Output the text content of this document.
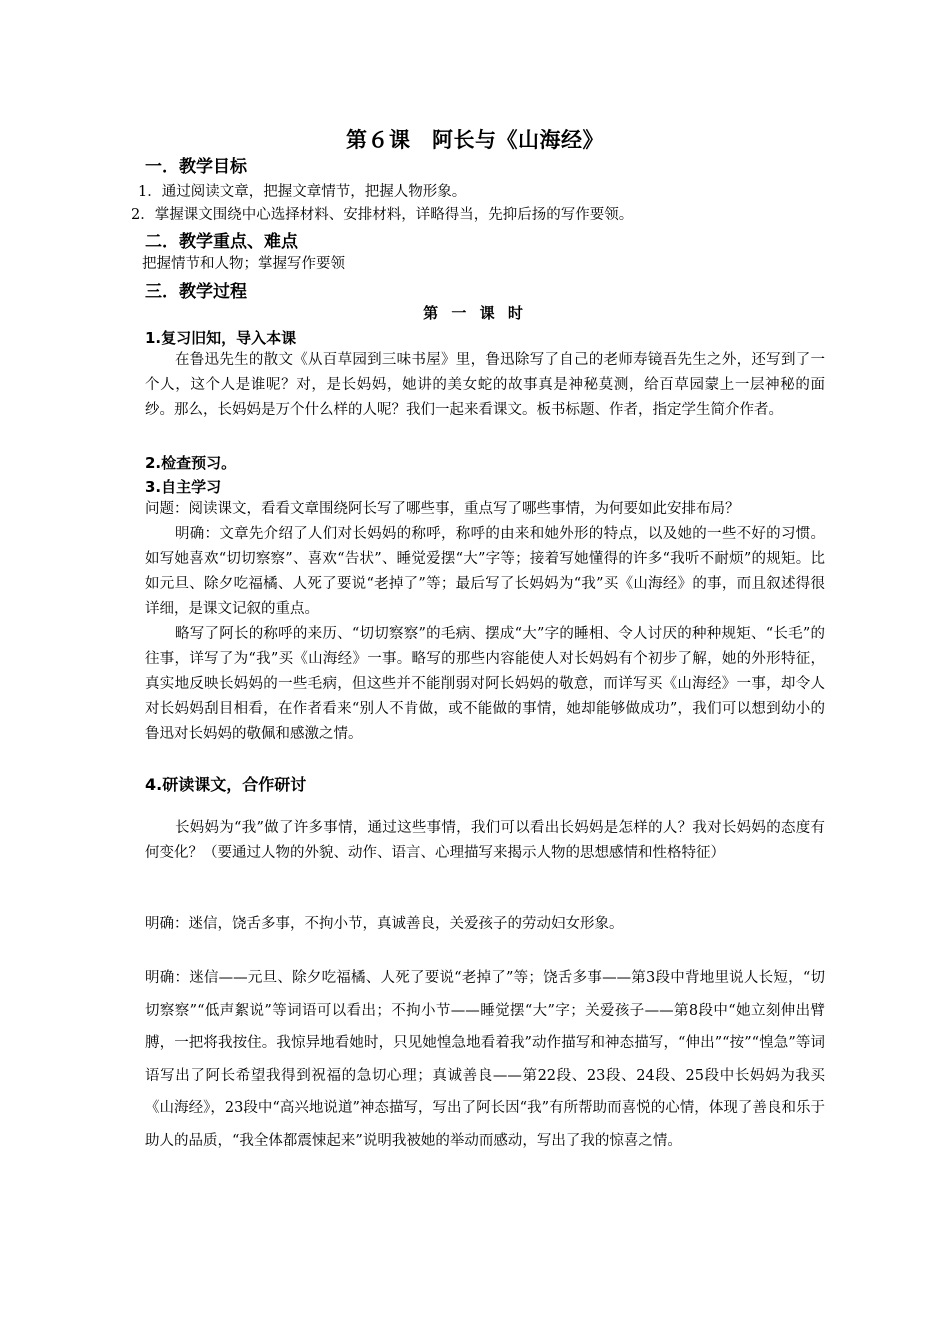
第６课　阿长与《山海经》
一．教学目标
1．通过阅读文章，把握文章情节，把握人物形象。
2．掌握课文围绕中心选择材料、安排材料，详略得当，先抑后扬的写作要领。
二．教学重点、难点
把握情节和人物；掌握写作要领
三．教学过程
第 一 课 时
1.复习旧知，导入本课
在鲁迅先生的散文《从百草园到三味书屋》里，鲁迅除写了自己的老师寿镜吾先生之外，还写到了一个人，这个人是谁呢？对，是长妈妈，她讲的美女蛇的故事真是神秘莫测，给百草园蒙上一层神秘的面纱。那么，长妈妈是万个什么样的人呢？我们一起来看课文。板书标题、作者，指定学生简介作者。
2.检查预习。
3.自主学习
问题：阅读课文，看看文章围绕阿长写了哪些事，重点写了哪些事情，为何要如此安排布局？
明确：文章先介绍了人们对长妈妈的称呼，称呼的由来和她外形的特点，以及她的一些不好的习惯。如写她喜欢“切切察察”、喜欢“告状”、睡觉爱摆“大”字等；接着写她懂得的许多“我听不耐烦”的规矩。比如元旦、除夕吃福橘、人死了要说“老掉了”等；最后写了长妈妈为“我”买《山海经》的事，而且叙述得很详细，是课文记叙的重点。
略写了阿长的称呼的来历、“切切察察”的毛病、摆成“大”字的睡相、令人讨厌的种种规矩、“长毛”的往事，详写了为“我”买《山海经》一事。略写的那些内容能使人对长妈妈有个初步了解，她的外形特征，真实地反映长妈妈的一些毛病，但这些并不能削弱对阿长妈妈的敬意，而详写买《山海经》一事，却令人对长妈妈刮目相看，在作者看来“别人不肯做，或不能做的事情，她却能够做成功”，我们可以想到幼小的鲁迅对长妈妈的敬佩和感激之情。
4.研读课文，合作研讨
长妈妈为“我”做了许多事情，通过这些事情，我们可以看出长妈妈是怎样的人？我对长妈妈的态度有何变化？（要通过人物的外貌、动作、语言、心理描写来揭示人物的思想感情和性格特征）
明确：迷信，饶舌多事，不拘小节，真诚善良，关爱孩子的劳动妇女形象。
明确：迷信——元旦、除夕吃福橘、人死了要说“老掉了”等；饶舌多事——第3段中背地里说人长短，“切切察察”“低声絮说”等词语可以看出；不拘小节——睡觉摆“大”字；关爱孩子——第8段中“她立刻伸出臂膊，一把将我按住。我惊异地看她时，只见她惶急地看着我”动作描写和神态描写，“伸出”“按”“惶急”等词语写出了阿长希望我得到祝福的急切心理；真诚善良——第22段、23段、24段、25段中长妈妈为我买《山海经》，23段中“高兴地说道”神态描写，写出了阿长因“我”有所帮助而喜悦的心情，体现了善良和乐于助人的品质，“我全体都震悚起来”说明我被她的举动而感动，写出了我的惊喜之情。
